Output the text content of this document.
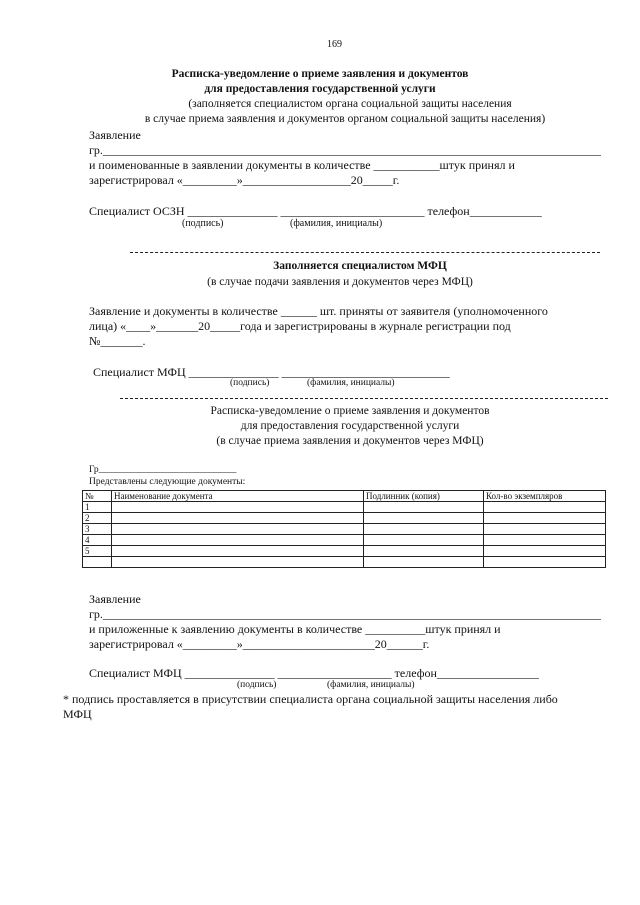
169
Расписка-уведомление о приеме заявления и документов
для предоставления государственной услуги
(заполняется специалистом органа социальной защиты населения
в случае приема заявления и документов органом социальной защиты населения)
Заявление
гр.___________________________________________________________________________________
и поименованные в заявлении документы в количестве ___________штук принял и
зарегистрировал «_________»__________________20_____г.
Специалист ОСЗН _______________ ________________________ телефон____________
(подпись)	(фамилия, инициалы)
Заполняется специалистом МФЦ
(в случае подачи заявления и документов через МФЦ)
Заявление и документы в количестве ______ шт. приняты от заявителя (уполномоченного
лица) «____»_______20_____года и зарегистрированы в журнале регистрации под
№_______.
Специалист МФЦ _______________ ____________________________
(подпись)	(фамилия, инициалы)
Расписка-уведомление о приеме заявления и документов
для предоставления государственной услуги
(в случае приема заявления и документов через МФЦ)
Гр_____________________________
Представлены следующие документы:
№	Наименование документа	Подлинник (копия)	Кол-во экземпляров
1			
2			
3			
4			
5			

Заявление
гр.___________________________________________________________________________________
и приложенные к заявлению документы в количестве __________штук принял и
зарегистрировал «_________»______________________20______г.
Специалист МФЦ _______________ ___________________ телефон_________________
(подпись)	(фамилия, инициалы)
* подпись проставляется в присутствии специалиста органа социальной защиты населения либо
МФЦ
